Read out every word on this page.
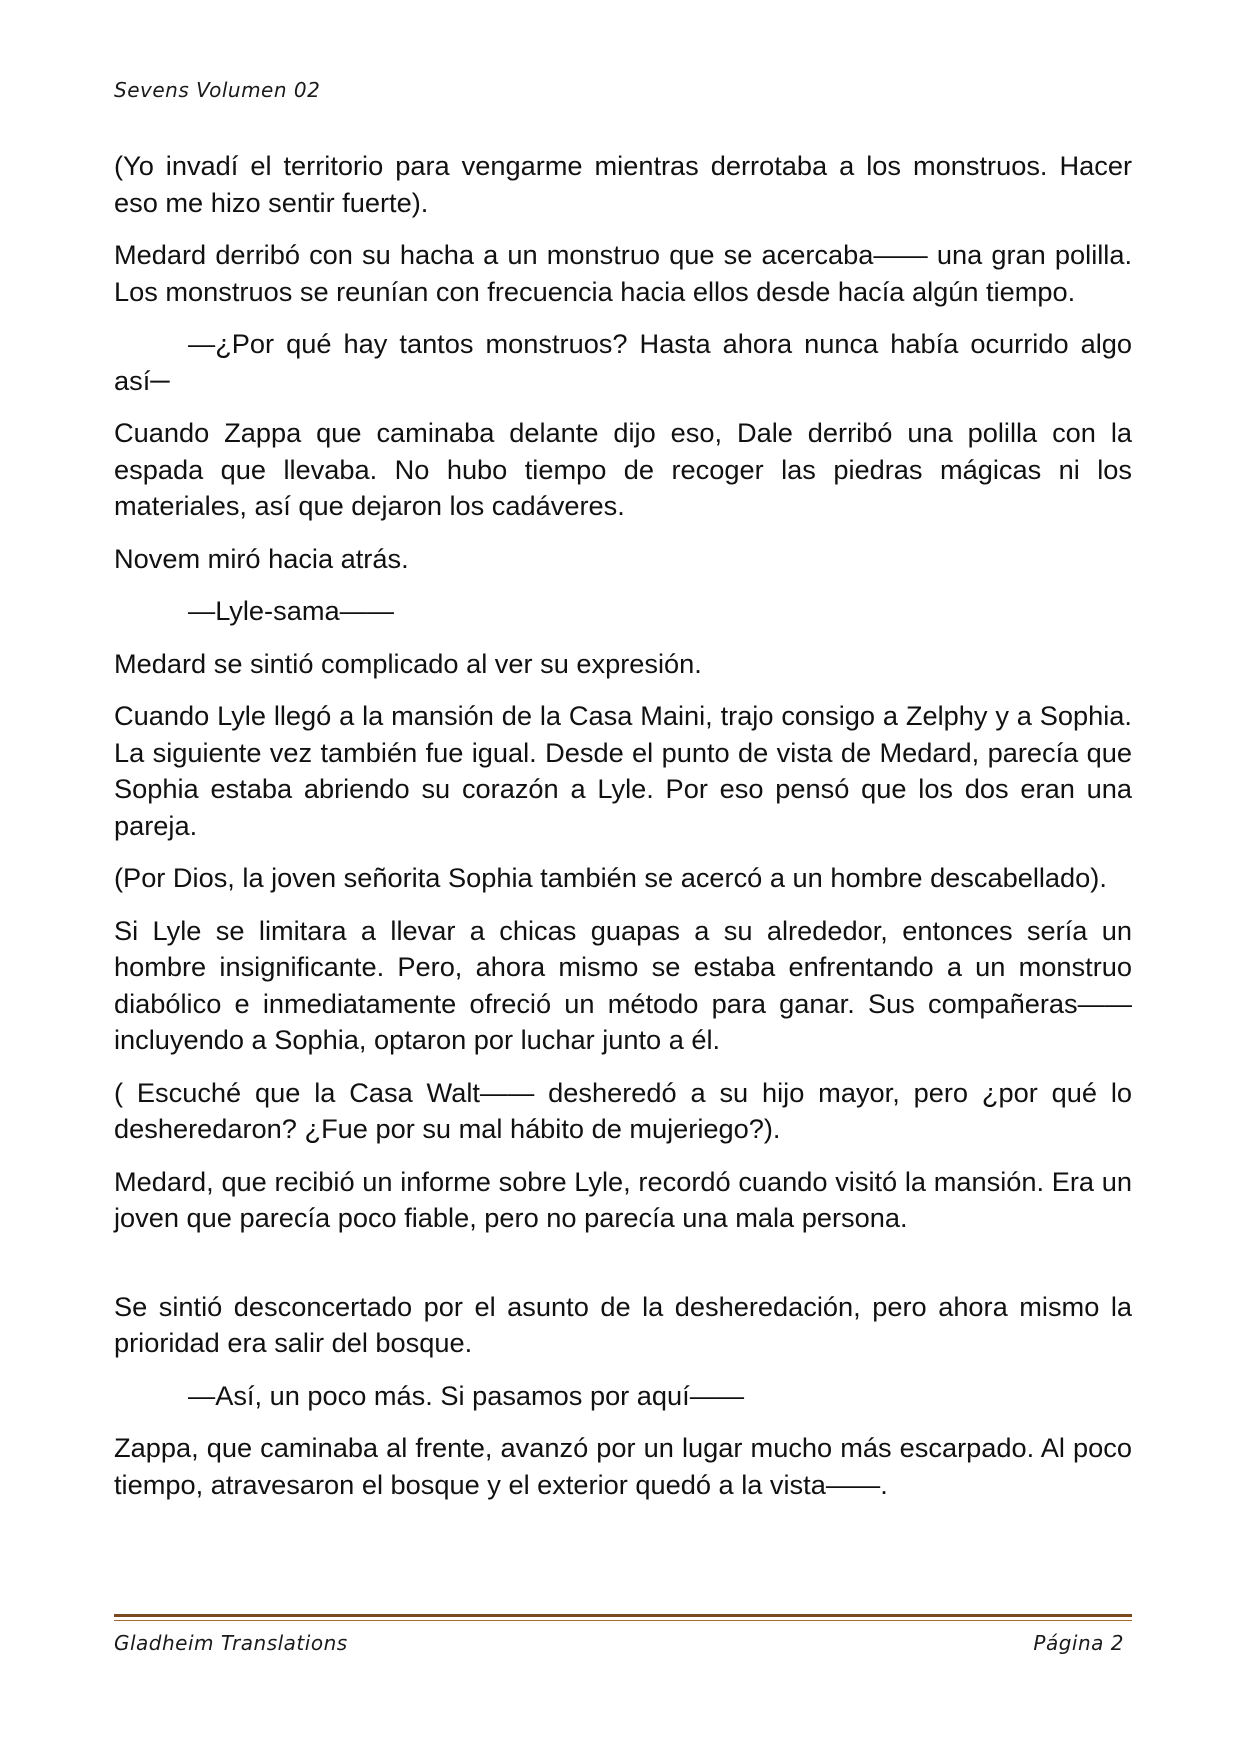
Sevens Volumen 02

(Yo invadí el territorio para vengarme mientras derrotaba a los monstruos. Hacer eso me hizo sentir fuerte).

Medard derribó con su hacha a un monstruo que se acercaba—— una gran polilla. Los monstruos se reunían con frecuencia hacia ellos desde hacía algún tiempo.

—¿Por qué hay tantos monstruos? Hasta ahora nunca había ocurrido algo así─

Cuando Zappa que caminaba delante dijo eso, Dale derribó una polilla con la espada que llevaba. No hubo tiempo de recoger las piedras mágicas ni los materiales, así que dejaron los cadáveres.

Novem miró hacia atrás.

—Lyle-sama——

Medard se sintió complicado al ver su expresión.

Cuando Lyle llegó a la mansión de la Casa Maini, trajo consigo a Zelphy y a Sophia. La siguiente vez también fue igual. Desde el punto de vista de Medard, parecía que Sophia estaba abriendo su corazón a Lyle. Por eso pensó que los dos eran una pareja.

(Por Dios, la joven señorita Sophia también se acercó a un hombre descabellado).

Si Lyle se limitara a llevar a chicas guapas a su alrededor, entonces sería un hombre insignificante. Pero, ahora mismo se estaba enfrentando a un monstruo diabólico e inmediatamente ofreció un método para ganar. Sus compañeras—— incluyendo a Sophia, optaron por luchar junto a él.

( Escuché que la Casa Walt—— desheredó a su hijo mayor, pero ¿por qué lo desheredaron? ¿Fue por su mal hábito de mujeriego?).

Medard, que recibió un informe sobre Lyle, recordó cuando visitó la mansión. Era un joven que parecía poco fiable, pero no parecía una mala persona.

Se sintió desconcertado por el asunto de la desheredación, pero ahora mismo la prioridad era salir del bosque.

—Así, un poco más. Si pasamos por aquí——

Zappa, que caminaba al frente, avanzó por un lugar mucho más escarpado. Al poco tiempo, atravesaron el bosque y el exterior quedó a la vista——.

Gladheim Translations	Página 2
